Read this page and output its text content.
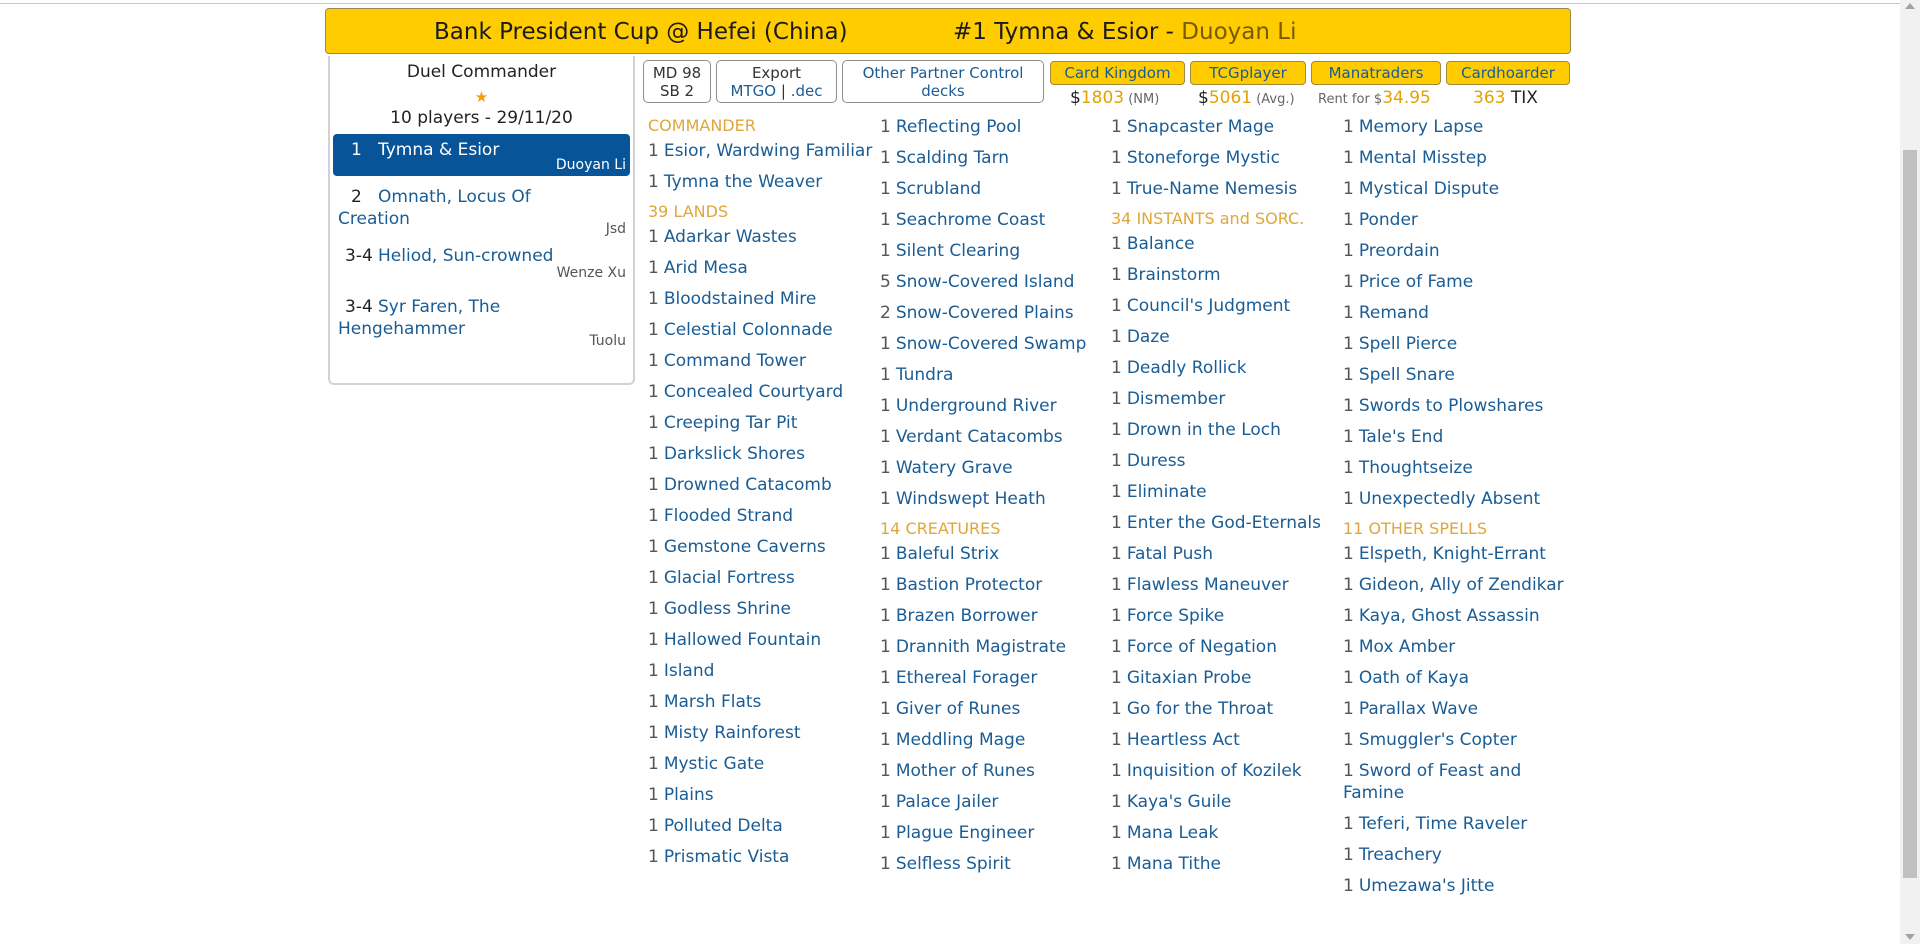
Bank President Cup @ Hefei (China)	#1 Tymna & Esior - Duoyan Li
Duel Commander
★
10 players - 29/11/20
1 Tymna & Esior
Duoyan Li
2 Omnath, Locus Of Creation	Jsd
3-4 Heliod, Sun-crowned
Wenze Xu
3-4 Syr Faren, The Hengehammer
Tuolu
MD 98
SB 2
Export
MTGO | .dec
Other Partner Control decks
Card Kingdom	TCGplayer	Manatraders	Cardhoarder
$1803 (NM) $5061 (Avg.) Rent for $34.95 363 TIX
COMMANDER
1 Esior, Wardwing Familiar
1 Tymna the Weaver
39 LANDS
1 Adarkar Wastes
1 Arid Mesa
1 Bloodstained Mire
1 Celestial Colonnade
1 Command Tower
1 Concealed Courtyard
1 Creeping Tar Pit
1 Darkslick Shores
1 Drowned Catacomb
1 Flooded Strand
1 Gemstone Caverns
1 Glacial Fortress
1 Godless Shrine
1 Hallowed Fountain
1 Island
1 Marsh Flats
1 Misty Rainforest
1 Mystic Gate
1 Plains
1 Polluted Delta
1 Prismatic Vista
1 Reflecting Pool
1 Scalding Tarn
1 Scrubland
1 Seachrome Coast
1 Silent Clearing
5 Snow-Covered Island
2 Snow-Covered Plains
1 Snow-Covered Swamp
1 Tundra
1 Underground River
1 Verdant Catacombs
1 Watery Grave
1 Windswept Heath
14 CREATURES
1 Baleful Strix
1 Bastion Protector
1 Brazen Borrower
1 Drannith Magistrate
1 Ethereal Forager
1 Giver of Runes
1 Meddling Mage
1 Mother of Runes
1 Palace Jailer
1 Plague Engineer
1 Selfless Spirit
1 Snapcaster Mage
1 Stoneforge Mystic
1 True-Name Nemesis
34 INSTANTS and SORC.
1 Balance
1 Brainstorm
1 Council's Judgment
1 Daze
1 Deadly Rollick
1 Dismember
1 Drown in the Loch
1 Duress
1 Eliminate
1 Enter the God-Eternals
1 Fatal Push
1 Flawless Maneuver
1 Force Spike
1 Force of Negation
1 Gitaxian Probe
1 Go for the Throat
1 Heartless Act
1 Inquisition of Kozilek
1 Kaya's Guile
1 Mana Leak
1 Mana Tithe
1 Memory Lapse
1 Mental Misstep
1 Mystical Dispute
1 Ponder
1 Preordain
1 Price of Fame
1 Remand
1 Spell Pierce
1 Spell Snare
1 Swords to Plowshares
1 Tale's End
1 Thoughtseize
1 Unexpectedly Absent
11 OTHER SPELLS
1 Elspeth, Knight-Errant
1 Gideon, Ally of Zendikar
1 Kaya, Ghost Assassin
1 Mox Amber
1 Oath of Kaya
1 Parallax Wave
1 Smuggler's Copter
1 Sword of Feast and Famine
1 Teferi, Time Raveler
1 Treachery
1 Umezawa's Jitte
